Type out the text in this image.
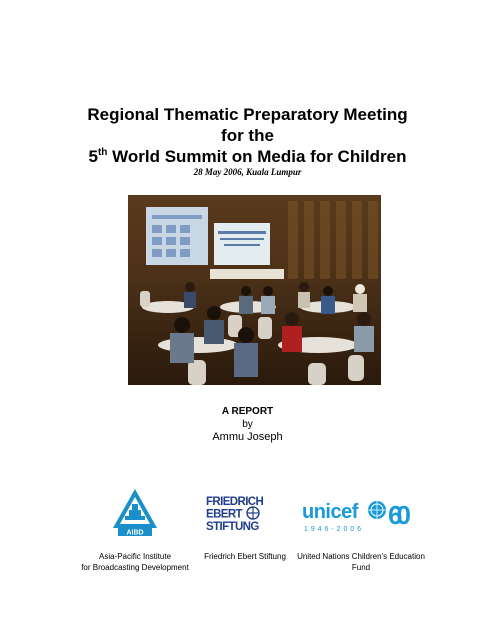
Regional Thematic Preparatory Meeting
for the
5th World Summit on Media for Children
28 May 2006, Kuala Lumpur
A REPORT
by
Ammu Joseph
AIBD
FRIEDRICH
EBERT
STIFTUNG
unicef 60
1 9 4 6 - 2 0 0 6
Asia-Pacific Institute
for Broadcasting Development
Friedrich Ebert Stiftung	United Nations Children's Education
Fund
